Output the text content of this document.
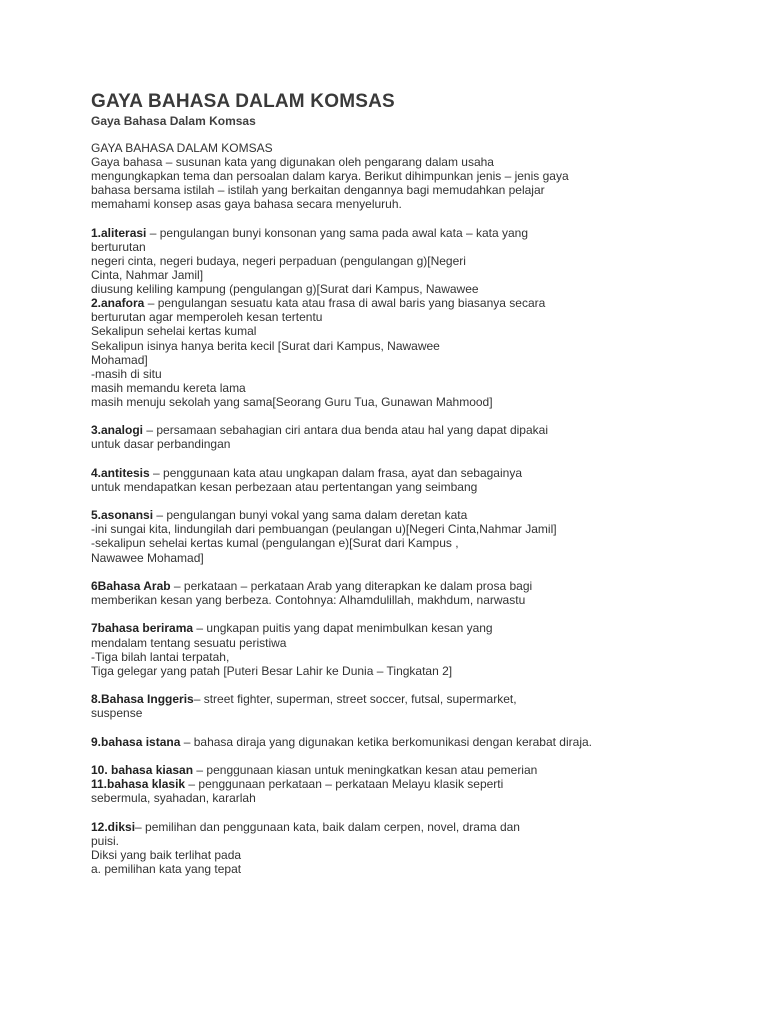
GAYA BAHASA DALAM KOMSAS
Gaya Bahasa Dalam Komsas
GAYA BAHASA DALAM KOMSAS
Gaya bahasa – susunan kata yang digunakan oleh pengarang dalam usaha
mengungkapkan tema dan persoalan dalam karya. Berikut dihimpunkan jenis – jenis gaya
bahasa bersama istilah – istilah yang berkaitan dengannya bagi memudahkan pelajar
memahami konsep asas gaya bahasa secara menyeluruh.
1.aliterasi – pengulangan bunyi konsonan yang sama pada awal kata – kata yang
berturutan
negeri cinta, negeri budaya, negeri perpaduan (pengulangan g)[Negeri
Cinta, Nahmar Jamil]
diusung keliling kampung (pengulangan g)[Surat dari Kampus, Nawawee
2.anafora – pengulangan sesuatu kata atau frasa di awal baris yang biasanya secara
berturutan agar memperoleh kesan tertentu
Sekalipun sehelai kertas kumal
Sekalipun isinya hanya berita kecil [Surat dari Kampus, Nawawee
Mohamad]
-masih di situ
masih memandu kereta lama
masih menuju sekolah yang sama[Seorang Guru Tua, Gunawan Mahmood]
3.analogi – persamaan sebahagian ciri antara dua benda atau hal yang dapat dipakai
untuk dasar perbandingan
4.antitesis – penggunaan kata atau ungkapan dalam frasa, ayat dan sebagainya
untuk mendapatkan kesan perbezaan atau pertentangan yang seimbang
5.asonansi – pengulangan bunyi vokal yang sama dalam deretan kata
-ini sungai kita, lindungilah dari pembuangan (peulangan u)[Negeri Cinta,Nahmar Jamil]
-sekalipun sehelai kertas kumal (pengulangan e)[Surat dari Kampus ,
Nawawee Mohamad]
6Bahasa Arab – perkataan – perkataan Arab yang diterapkan ke dalam prosa bagi
memberikan kesan yang berbeza. Contohnya: Alhamdulillah, makhdum, narwastu
7bahasa berirama – ungkapan puitis yang dapat menimbulkan kesan yang
mendalam tentang sesuatu peristiwa
-Tiga bilah lantai terpatah,
Tiga gelegar yang patah [Puteri Besar Lahir ke Dunia – Tingkatan 2]
8.Bahasa Inggeris– street fighter, superman, street soccer, futsal, supermarket,
suspense
9.bahasa istana – bahasa diraja yang digunakan ketika berkomunikasi dengan kerabat diraja.
10. bahasa kiasan – penggunaan kiasan untuk meningkatkan kesan atau pemerian
11.bahasa klasik – penggunaan perkataan – perkataan Melayu klasik seperti
sebermula, syahadan, kararlah
12.diksi– pemilihan dan penggunaan kata, baik dalam cerpen, novel, drama dan
puisi.
Diksi yang baik terlihat pada
a. pemilihan kata yang tepat
